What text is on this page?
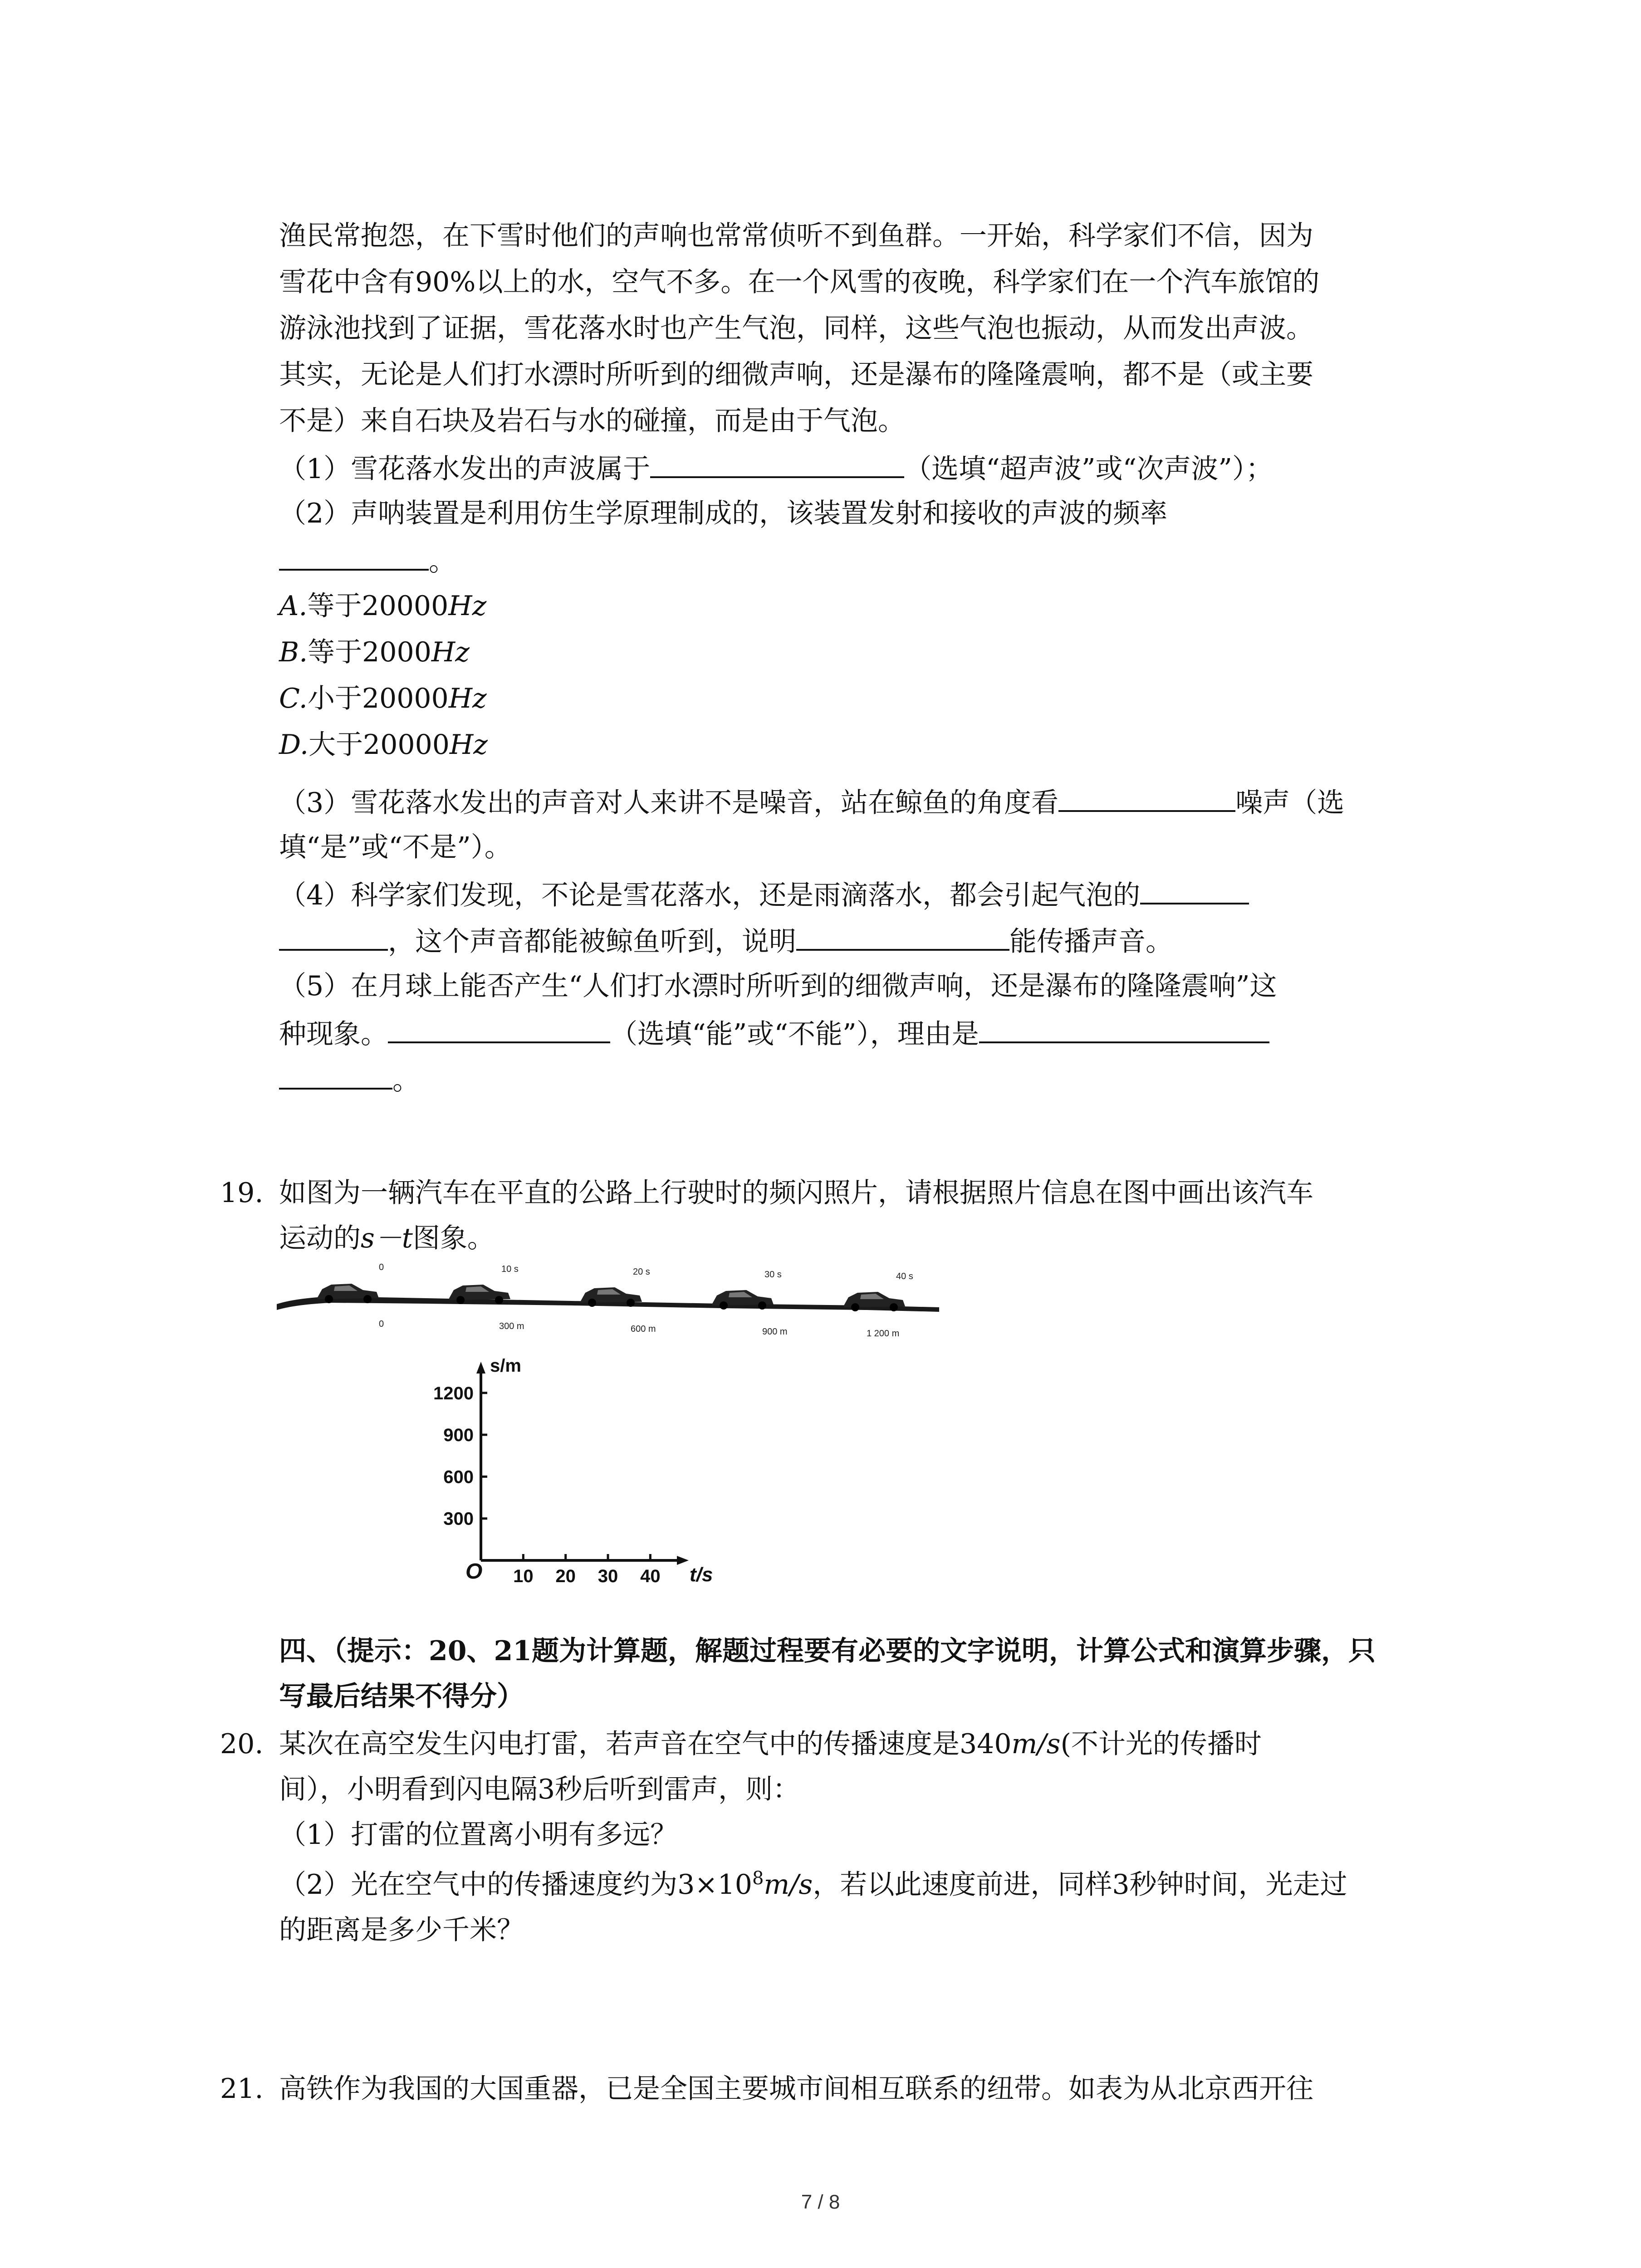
渔民常抱怨，在下雪时他们的声响也常常侦听不到鱼群。一开始，科学家们不信，因为
雪花中含有90%以上的水，空气不多。在一个风雪的夜晚，科学家们在一个汽车旅馆的
游泳池找到了证据，雪花落水时也产生气泡，同样，这些气泡也振动，从而发出声波。
其实，无论是人们打水漂时所听到的细微声响，还是瀑布的隆隆震响，都不是（或主要
不是）来自石块及岩石与水的碰撞，而是由于气泡。
（1）雪花落水发出的声波属于	（选填“超声波”或“次声波”）；
（2）声呐装置是利用仿生学原理制成的，该装置发射和接收的声波的频率
。
A.等于20000Hz
B.等于2000Hz
C.小于20000Hz
D.大于20000Hz
（3）雪花落水发出的声音对人来讲不是噪音，站在鲸鱼的角度看	噪声（选
填“是”或“不是”）。
（4）科学家们发现，不论是雪花落水，还是雨滴落水，都会引起气泡的
，这个声音都能被鲸鱼听到，说明	能传播声音。
（5）在月球上能否产生“人们打水漂时所听到的细微声响，还是瀑布的隆隆震响”这
种现象。	（选填“能”或“不能”），理由是
。
19. 如图为一辆汽车在平直的公路上行驶时的频闪照片，请根据照片信息在图中画出该汽车
运动的s－t图象。
0	10 s	20 s	30 s	40 s
0	300 m	600 m	900 m	1 200 m
10 20 30 40
300
600
900
1200
O	t/s
s/m
四、（提示：20、21题为计算题，解题过程要有必要的文字说明，计算公式和演算步骤，只
写最后结果不得分）
20. 某次在高空发生闪电打雷，若声音在空气中的传播速度是340m/s(不计光的传播时
间），小明看到闪电隔3秒后听到雷声，则：
（1）打雷的位置离小明有多远？
（2）光在空气中的传播速度约为$3\times 10^8m/s$，若以此速度前进，同样3秒钟时间，光走过
的距离是多少千米？
21. 高铁作为我国的大国重器，已是全国主要城市间相互联系的纽带。如表为从北京西开往
7 / 8
